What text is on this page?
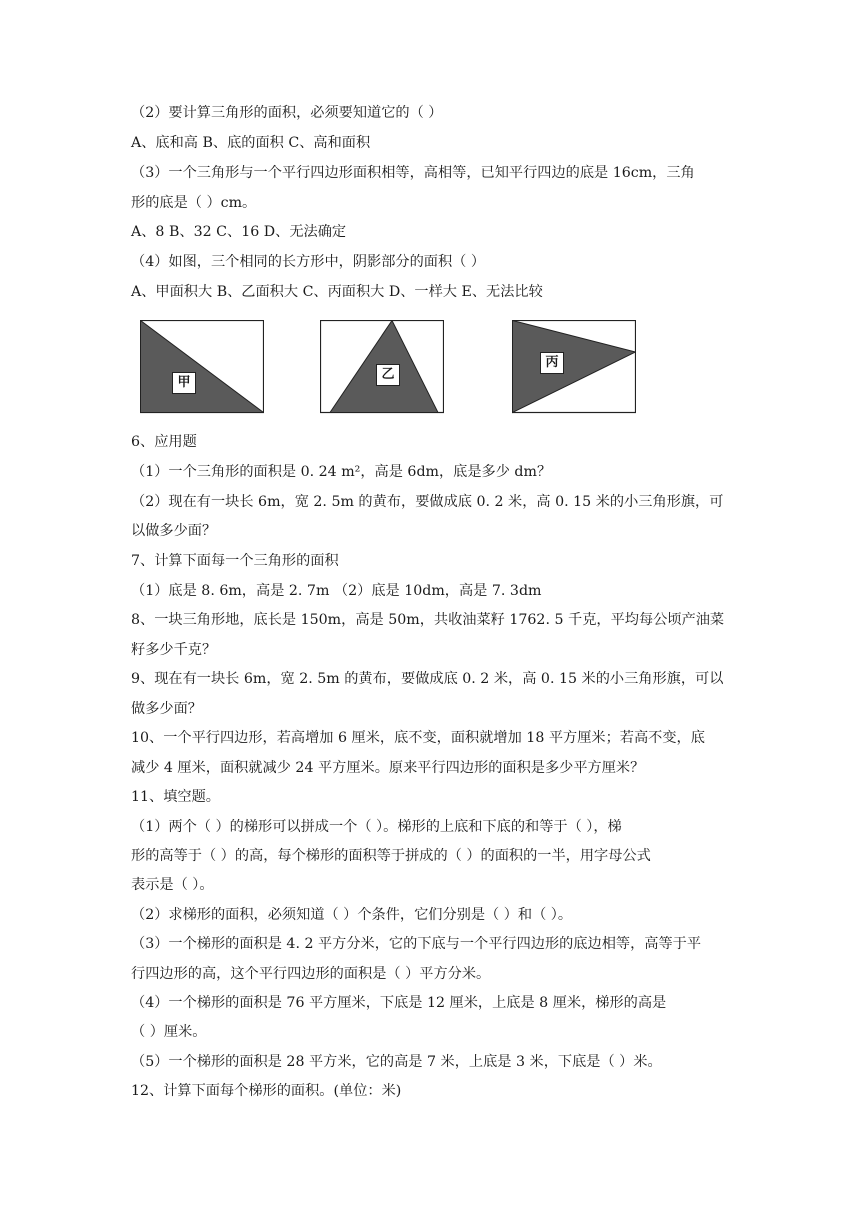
（2）要计算三角形的面积，必须要知道它的（ ）
A、底和高 B、底的面积 C、高和面积
（3）一个三角形与一个平行四边形面积相等，高相等，已知平行四边的底是 16cm，三角
形的底是（ ）cm。
A、8 B、32 C、16 D、无法确定
（4）如图，三个相同的长方形中，阴影部分的面积（ ）
A、甲面积大 B、乙面积大 C、丙面积大 D、一样大 E、无法比较
甲
乙
丙
6、应用题
（1）一个三角形的面积是 0. 24 m²，高是 6dm，底是多少 dm？
（2）现在有一块长 6m，宽 2. 5m 的黄布，要做成底 0. 2 米，高 0. 15 米的小三角形旗，可
以做多少面？
7、计算下面每一个三角形的面积
（1）底是 8. 6m，高是 2. 7m （2）底是 10dm，高是 7. 3dm
8、一块三角形地，底长是 150m，高是 50m，共收油菜籽 1762. 5 千克，平均每公顷产油菜
籽多少千克？
9、现在有一块长 6m，宽 2. 5m 的黄布，要做成底 0. 2 米，高 0. 15 米的小三角形旗，可以
做多少面？
10、一个平行四边形，若高增加 6 厘米，底不变，面积就增加 18 平方厘米；若高不变，底
减少 4 厘米，面积就减少 24 平方厘米。原来平行四边形的面积是多少平方厘米？
11、填空题。
（1）两个（ ）的梯形可以拼成一个（ ）。梯形的上底和下底的和等于（ ），梯
形的高等于（ ）的高，每个梯形的面积等于拼成的（ ）的面积的一半，用字母公式
表示是（ ）。
（2）求梯形的面积，必须知道（ ）个条件，它们分别是（ ）和（ ）。
（3）一个梯形的面积是 4. 2 平方分米，它的下底与一个平行四边形的底边相等，高等于平
行四边形的高，这个平行四边形的面积是（ ）平方分米。
（4）一个梯形的面积是 76 平方厘米，下底是 12 厘米，上底是 8 厘米，梯形的高是
（ ）厘米。
（5）一个梯形的面积是 28 平方米，它的高是 7 米，上底是 3 米，下底是（ ）米。
12、计算下面每个梯形的面积。(单位：米)
